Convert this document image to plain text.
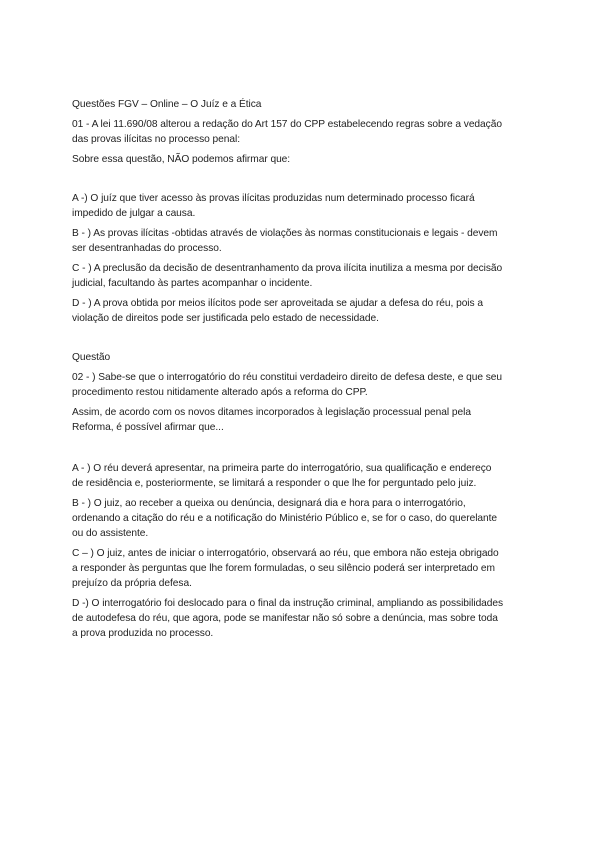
Questões FGV – Online – O Juíz e a Ética

01 - A lei 11.690/08 alterou a redação do Art 157 do CPP estabelecendo regras sobre a vedação
das provas ilícitas no processo penal:

Sobre essa questão, NÃO podemos afirmar que:

A -) O juíz que tiver acesso às provas ilícitas produzidas num determinado processo ficará
impedido de julgar a causa.

B - ) As provas ilícitas -obtidas através de violações às normas constitucionais e legais - devem
ser desentranhadas do processo.

C - ) A preclusão da decisão de desentranhamento da prova ilícita inutiliza a mesma por decisão
judicial, facultando às partes acompanhar o incidente.

D - ) A prova obtida por meios ilícitos pode ser aproveitada se ajudar a defesa do réu, pois a
violação de direitos pode ser justificada pelo estado de necessidade.

Questão

02 - ) Sabe-se que o interrogatório do réu constitui verdadeiro direito de defesa deste, e que seu
procedimento restou nitidamente alterado após a reforma do CPP.

Assim, de acordo com os novos ditames incorporados à legislação processual penal pela
Reforma, é possível afirmar que...

A - ) O réu deverá apresentar, na primeira parte do interrogatório, sua qualificação e endereço
de residência e, posteriormente, se limitará a responder o que lhe for perguntado pelo juiz.

B - ) O juiz, ao receber a queixa ou denúncia, designará dia e hora para o interrogatório,
ordenando a citação do réu e a notificação do Ministério Público e, se for o caso, do querelante
ou do assistente.

C – ) O juiz, antes de iniciar o interrogatório, observará ao réu, que embora não esteja obrigado
a responder às perguntas que lhe forem formuladas, o seu silêncio poderá ser interpretado em
prejuízo da própria defesa.

D -) O interrogatório foi deslocado para o final da instrução criminal, ampliando as possibilidades
de autodefesa do réu, que agora, pode se manifestar não só sobre a denúncia, mas sobre toda
a prova produzida no processo.
